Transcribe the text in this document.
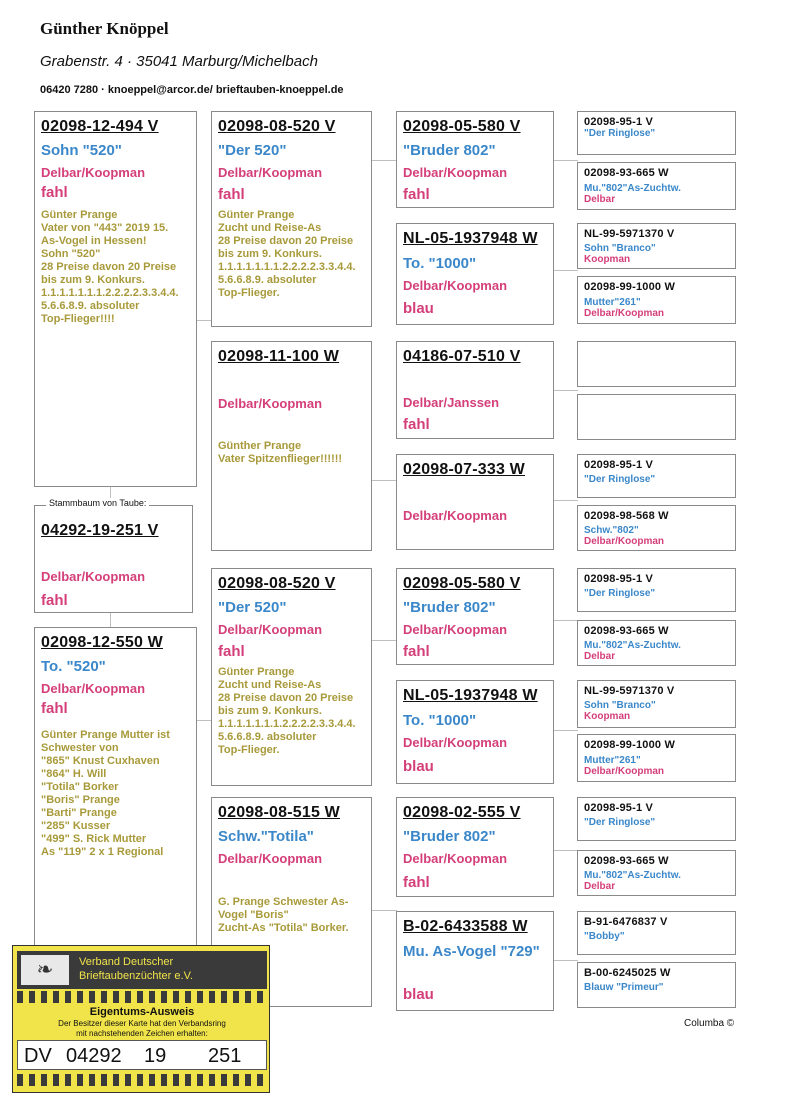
Günther Knöppel
Grabenstr. 4 · 35041 Marburg/Michelbach
06420 7280 · knoeppel@arcor.de/ brieftauben-knoeppel.de
Stammbaum von Taube:
04292-19-251 V
Delbar/Koopman
fahl
02098-12-494 V
Sohn "520"
Delbar/Koopman
fahl
Günter Prange
Vater von "443" 2019 15.
As-Vogel in Hessen!
Sohn "520"
28 Preise davon 20 Preise
bis zum 9. Konkurs.
1.1.1.1.1.1.1.2.2.2.2.3.3.4.4.
5.6.6.8.9. absoluter
Top-Flieger!!!!
02098-12-550 W
To. "520"
Delbar/Koopman
fahl
Günter Prange Mutter ist
Schwester von
"865" Knust Cuxhaven
"864" H. Will
"Totila" Borker
"Boris" Prange
"Barti" Prange
"285" Kusser
"499" S. Rick Mutter
As "119" 2 x 1 Regional
02098-08-520 V
"Der 520"
Delbar/Koopman
fahl
Günter Prange
Zucht und Reise-As
28 Preise davon 20 Preise
bis zum 9. Konkurs.
1.1.1.1.1.1.1.2.2.2.2.3.3.4.4.
5.6.6.8.9. absoluter
Top-Flieger.
02098-11-100 W
Delbar/Koopman
Günther Prange
Vater Spitzenflieger!!!!!!
02098-08-520 V
"Der 520"
Delbar/Koopman
fahl
Günter Prange
Zucht und Reise-As
28 Preise davon 20 Preise
bis zum 9. Konkurs.
1.1.1.1.1.1.1.2.2.2.2.3.3.4.4.
5.6.6.8.9. absoluter
Top-Flieger.
02098-08-515 W
Schw."Totila"
Delbar/Koopman
G. Prange Schwester As-
Vogel "Boris"
Zucht-As "Totila" Borker.
02098-05-580 V
"Bruder 802"
Delbar/Koopman
fahl
NL-05-1937948 W
To. "1000"
Delbar/Koopman
blau
04186-07-510 V
Delbar/Janssen
fahl
02098-07-333 W
Delbar/Koopman
02098-05-580 V
"Bruder 802"
Delbar/Koopman
fahl
NL-05-1937948 W
To. "1000"
Delbar/Koopman
blau
02098-02-555 V
"Bruder 802"
Delbar/Koopman
fahl
B-02-6433588 W
Mu. As-Vogel "729"
blau
02098-95-1 V
"Der Ringlose"
02098-93-665 W
Mu."802"As-Zuchtw.
Delbar
NL-99-5971370 V
Sohn "Branco"
Koopman
02098-99-1000 W
Mutter"261"
Delbar/Koopman
02098-95-1 V
"Der Ringlose"
02098-98-568 W
Schw."802"
Delbar/Koopman
02098-95-1 V
"Der Ringlose"
02098-93-665 W
Mu."802"As-Zuchtw.
Delbar
NL-99-5971370 V
Sohn "Branco"
Koopman
02098-99-1000 W
Mutter"261"
Delbar/Koopman
02098-95-1 V
"Der Ringlose"
02098-93-665 W
Mu."802"As-Zuchtw.
Delbar
B-91-6476837 V
"Bobby"
B-00-6245025 W
Blauw "Primeur"
❧	Verband Deutscher
Brieftaubenzüchter e.V.
Eigentums-Ausweis
Der Besitzer dieser Karte hat den Verbandsring
mit nachstehenden Zeichen erhalten:
DV 04292 19 251
Columba ©
